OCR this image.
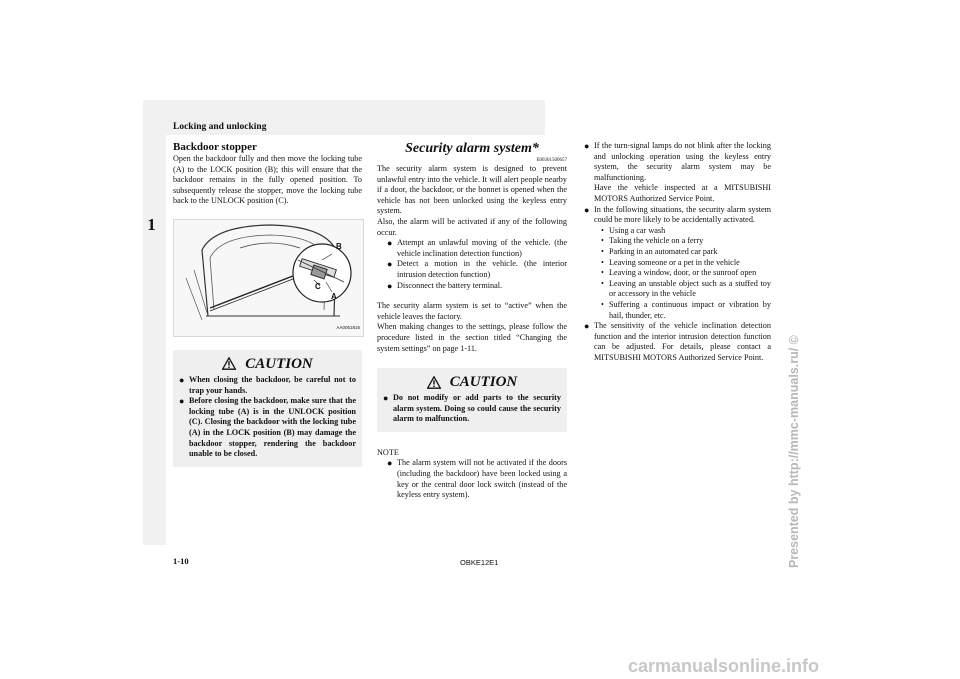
Locking and unlocking
1

Backdoor stopper

Open the backdoor fully and then move the locking tube (A) to the LOCK position (B); this will ensure that the backdoor remains in the fully opened position. To subsequently release the stopper, move the locking tube back to the UNLOCK position (C).

B
C
A
AA0061816
CAUTION
● When closing the backdoor, be careful not to trap your hands.
● Before closing the backdoor, make sure that the locking tube (A) is in the UNLOCK position (C). Closing the backdoor with the locking tube (A) in the LOCK position (B) may damage the backdoor stopper, rendering the backdoor unable to be closed.

Security alarm system*

E00301500657

The security alarm system is designed to prevent unlawful entry into the vehicle. It will alert people nearby if a door, the backdoor, or the bonnet is opened when the vehicle has not been unlocked using the keyless entry system.

Also, the alarm will be activated if any of the following occur.

● Attempt an unlawful moving of the vehicle. (the vehicle inclination detection function)
● Detect a motion in the vehicle. (the interior intrusion detection function)
● Disconnect the battery terminal.

The security alarm system is set to “active” when the vehicle leaves the factory.

When making changes to the settings, please follow the procedure listed in the section titled “Changing the system settings” on page 1-11.

CAUTION
● Do not modify or add parts to the security alarm system. Doing so could cause the security alarm to malfunction.

NOTE

● The alarm system will not be activated if the doors (including the backdoor) have been locked using a key or the central door lock switch (instead of the keyless entry system).
● If the turn-signal lamps do not blink after the locking and unlocking operation using the keyless entry system, the security alarm system may be malfunctioning.
Have the vehicle inspected at a MITSUBISHI MOTORS Authorized Service Point.
● In the following situations, the security alarm system could be more likely to be accidentally activated.
• Using a car wash
• Taking the vehicle on a ferry
• Parking in an automated car park
• Leaving someone or a pet in the vehicle
• Leaving a window, door, or the sunroof open
• Leaving an unstable object such as a stuffed toy or accessory in the vehicle
• Suffering a continuous impact or vibration by hail, thunder, etc.
● The sensitivity of the vehicle inclination detection function and the interior intrusion detection function can be adjusted. For details, please contact a MITSUBISHI MOTORS Authorized Service Point.
1-10	OBKE12E1	Presented by http://mmc-manuals.ru/ ©
carmanualsonline.info
